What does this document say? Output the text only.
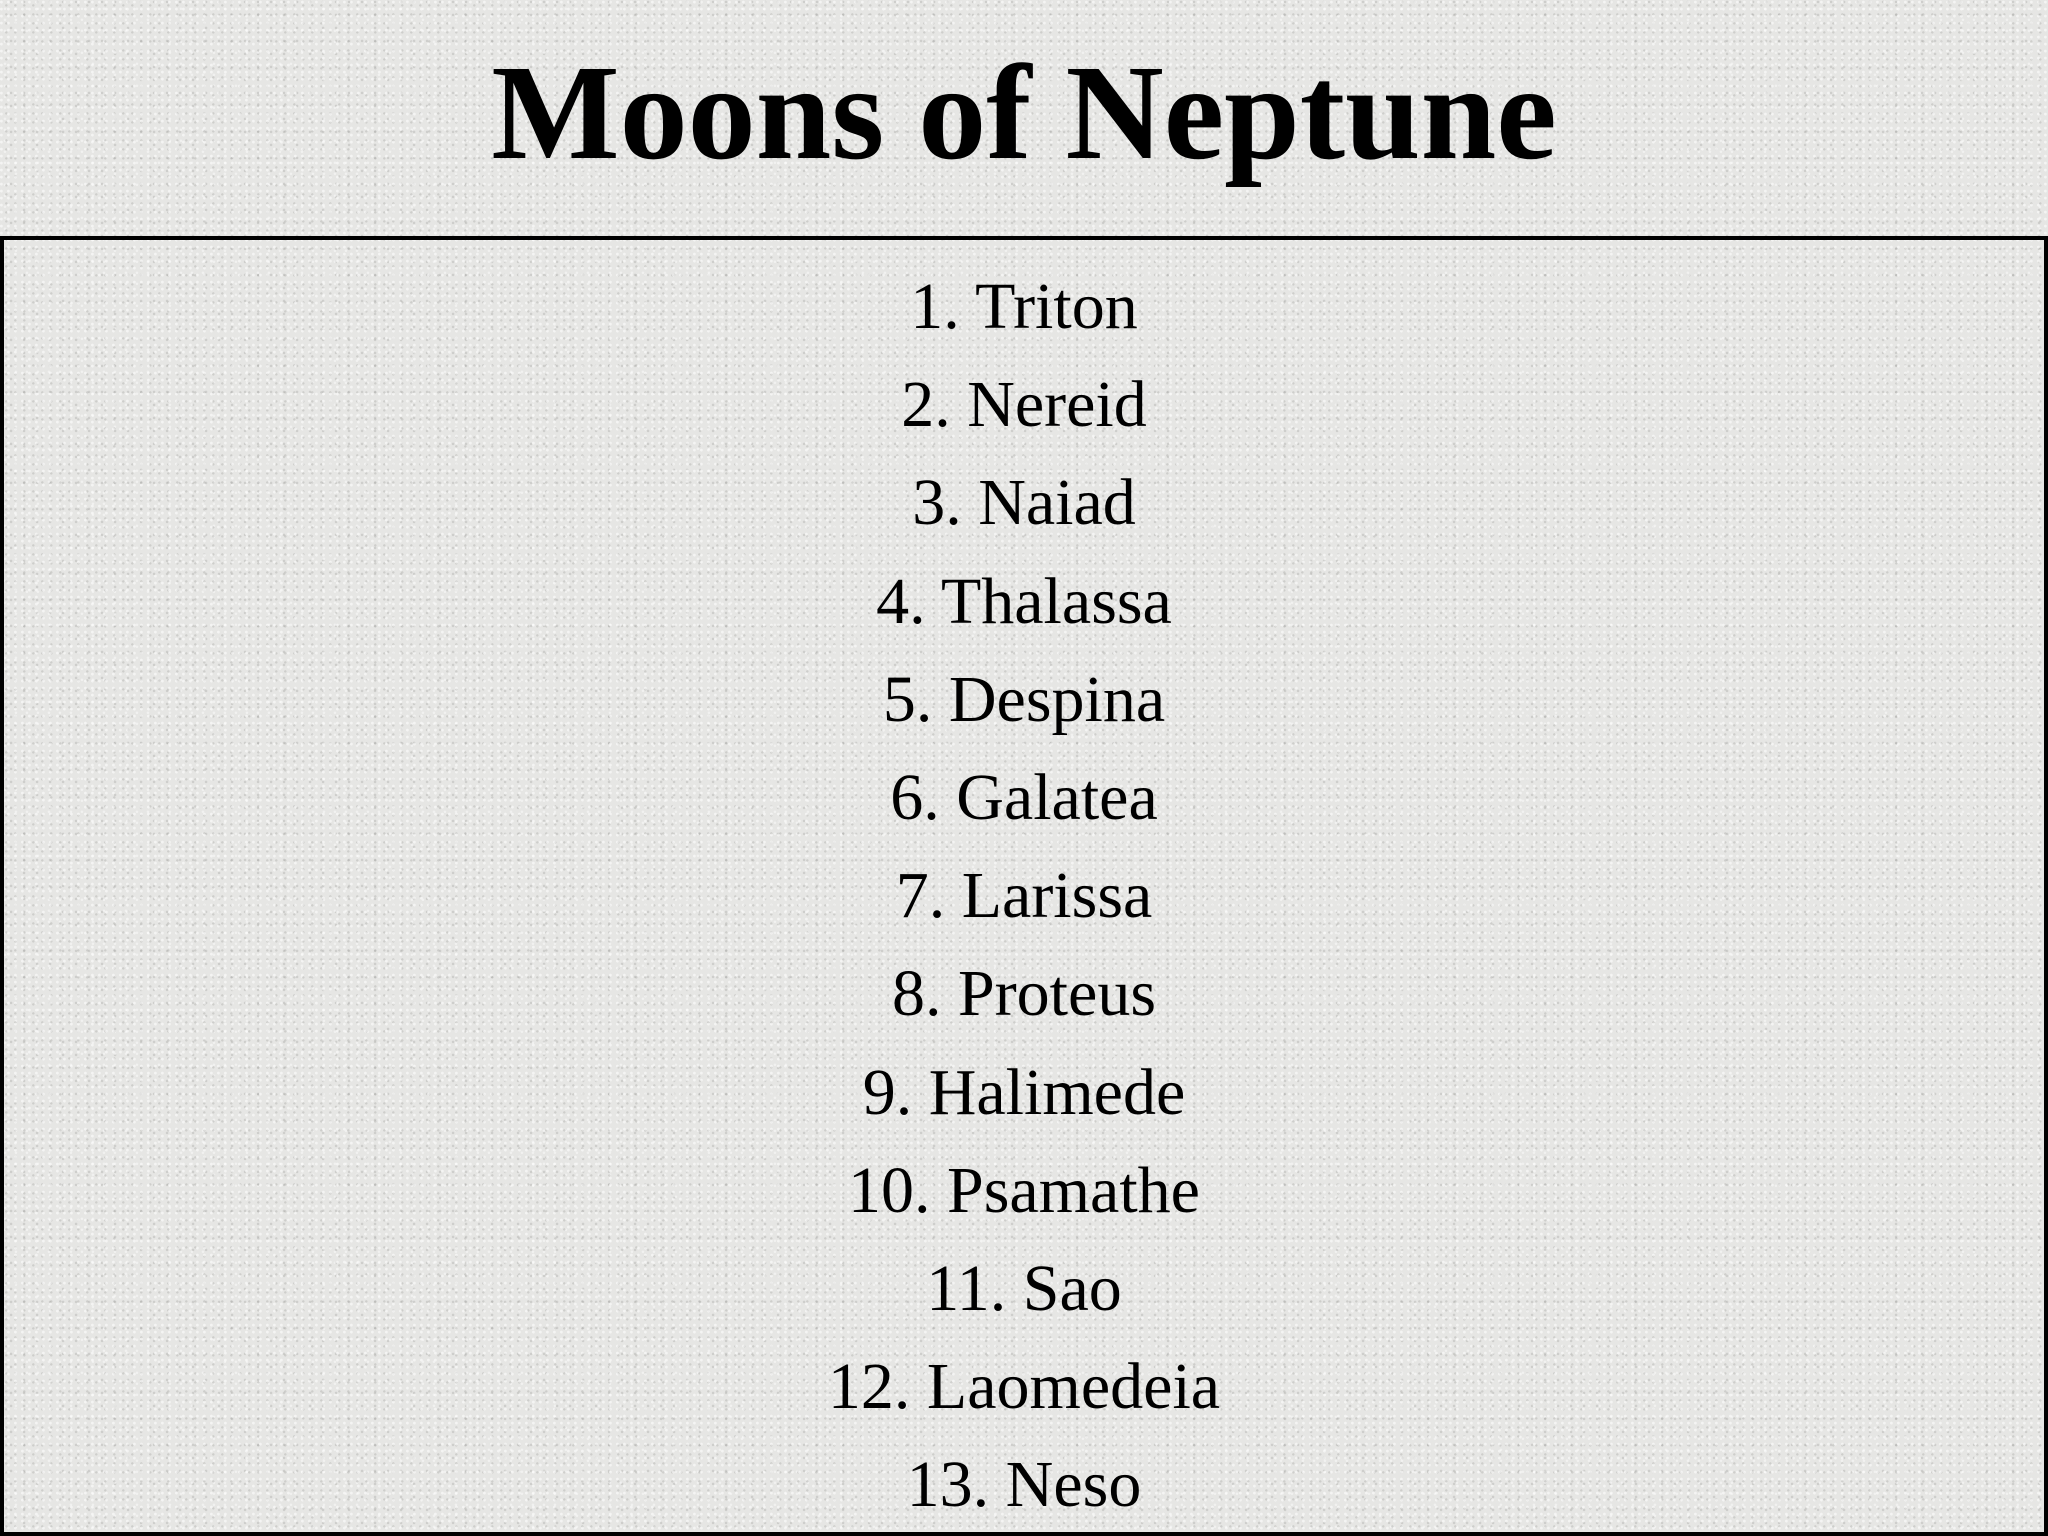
Moons of Neptune
1. Triton
2. Nereid
3. Naiad
4. Thalassa
5. Despina
6. Galatea
7. Larissa
8. Proteus
9. Halimede
10. Psamathe
11. Sao
12. Laomedeia
13. Neso
